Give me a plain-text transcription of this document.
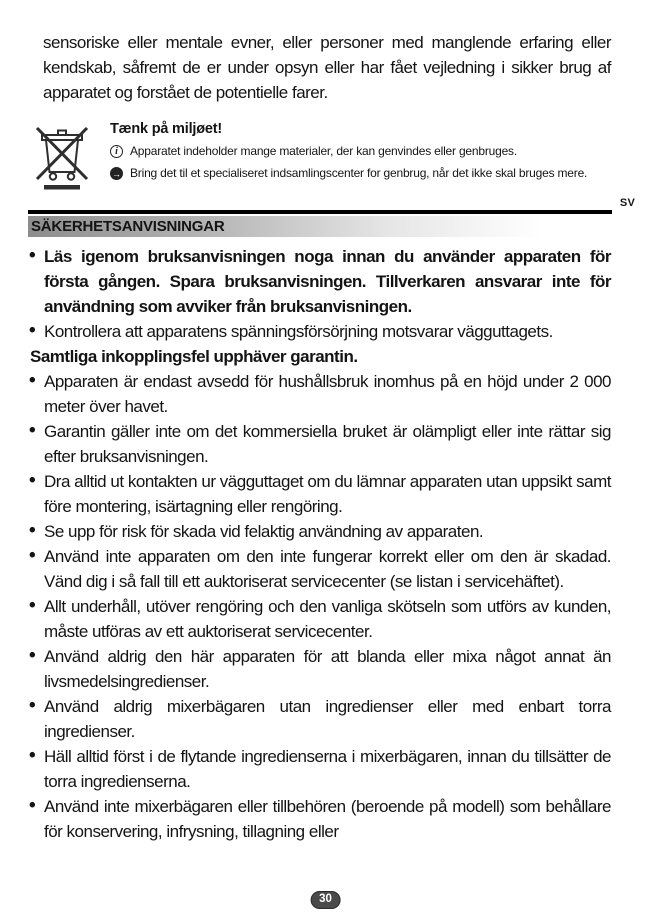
sensoriske eller mentale evner, eller personer med manglende erfaring eller kendskab, såfremt de er under opsyn eller har fået vejledning i sikker brug af apparatet og forstået de potentielle farer.

Tænk på miljøet!
i	Apparatet indeholder mange materialer, der kan genvindes eller genbruges.
→ Bring det til et specialiseret indsamlingscenter for genbrug, når det ikke skal bruges mere.
SV
SÄKERHETSANVISNINGAR
• Läs igenom bruksanvisningen noga innan du använder apparaten för första gången. Spara bruksanvisningen. Tillverkaren ansvarar inte för användning som avviker från bruksanvisningen.
• Kontrollera att apparatens spänningsförsörjning motsvarar vägguttagets.
Samtliga inkopplingsfel upphäver garantin.
• Apparaten är endast avsedd för hushållsbruk inomhus på en höjd under 2 000 meter över havet.
• Garantin gäller inte om det kommersiella bruket är olämpligt eller inte rättar sig efter bruksanvisningen.
• Dra alltid ut kontakten ur vägguttaget om du lämnar apparaten utan uppsikt samt före montering, isärtagning eller rengöring.
• Se upp för risk för skada vid felaktig användning av apparaten.
• Använd inte apparaten om den inte fungerar korrekt eller om den är skadad. Vänd dig i så fall till ett auktoriserat servicecenter (se listan i servicehäftet).
• Allt underhåll, utöver rengöring och den vanliga skötseln som utförs av kunden, måste utföras av ett auktoriserat servicecenter.
• Använd aldrig den här apparaten för att blanda eller mixa något annat än livsmedelsingredienser.
• Använd aldrig mixerbägaren utan ingredienser eller med enbart torra ingredienser.
• Häll alltid först i de flytande ingredienserna i mixerbägaren, innan du tillsätter de torra ingredienserna.
• Använd inte mixerbägaren eller tillbehören (beroende på modell) som behållare för konservering, infrysning, tillagning eller
30
